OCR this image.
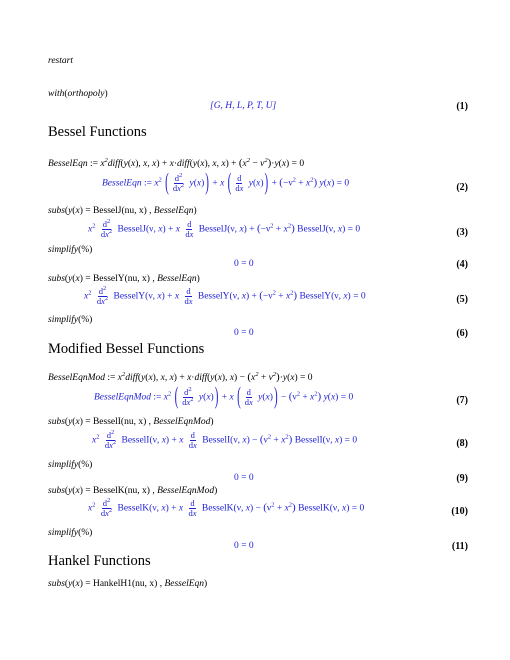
restart
with(orthopoly)
[G, H, L, P, T, U]	(1)
Bessel Functions
BesselEqn := $x^2diff(y(x)$, x, x) + x·diff(y(x), x, $x) + (x^2 - \nu^2)\cdot y(x) = 0$
BesselEqn := $x^2$ ( $\frac{d^2}{dx^2} y(x)) + x$ ( $\frac{d}{dx} y(x)) + (-\nu^2 + x^2)$ y(x) = 0	(2)
subs(y(x) = BesselJ(nu, x) , BesselEqn)
$x^2 \frac{d^2}{dx^2}$ BesselJ(ν, x) + x $\frac{d}{dx}$ BesselJ(ν, $x) + (-\nu^2 + x^2)$ BesselJ(ν, x) = 0	(3)
simplify(%)
0 = 0	(4)
subs(y(x) = BesselY(nu, x) , BesselEqn)
$x^2 \frac{d^2}{dx^2}$ BesselY(ν, x) + x $\frac{d}{dx}$ BesselY(ν, $x) + (-\nu^2 + x^2)$ BesselY(ν, x) = 0	(5)
simplify(%)
0 = 0	(6)
Modified Bessel Functions
BesselEqnMod := $x^2diff(y(x)$, x, x) + x·diff(y(x), $x) - (x^2 + \nu^2)\cdot y(x) = 0$
BesselEqnMod := $x^2$ ( $\frac{d^2}{dx^2} y(x)) + x$ ( $\frac{d}{dx} y(x)) - (\nu^2 + x^2)$ y(x) = 0	(7)
subs(y(x) = BesselI(nu, x) , BesselEqnMod)
$x^2 \frac{d^2}{dx^2}$ BesselI(ν, x) + x $\frac{d}{dx}$ BesselI(ν, $x) - (\nu^2 + x^2)$ BesselI(ν, x) = 0	(8)
simplify(%)
0 = 0	(9)
subs(y(x) = BesselK(nu, x) , BesselEqnMod)
$x^2 \frac{d^2}{dx^2}$ BesselK(ν, x) + x $\frac{d}{dx}$ BesselK(ν, $x) - (\nu^2 + x^2)$ BesselK(ν, x) = 0	(10)
simplify(%)
0 = 0	(11)
Hankel Functions
subs(y(x) = HankelH1(nu, x) , BesselEqn)
